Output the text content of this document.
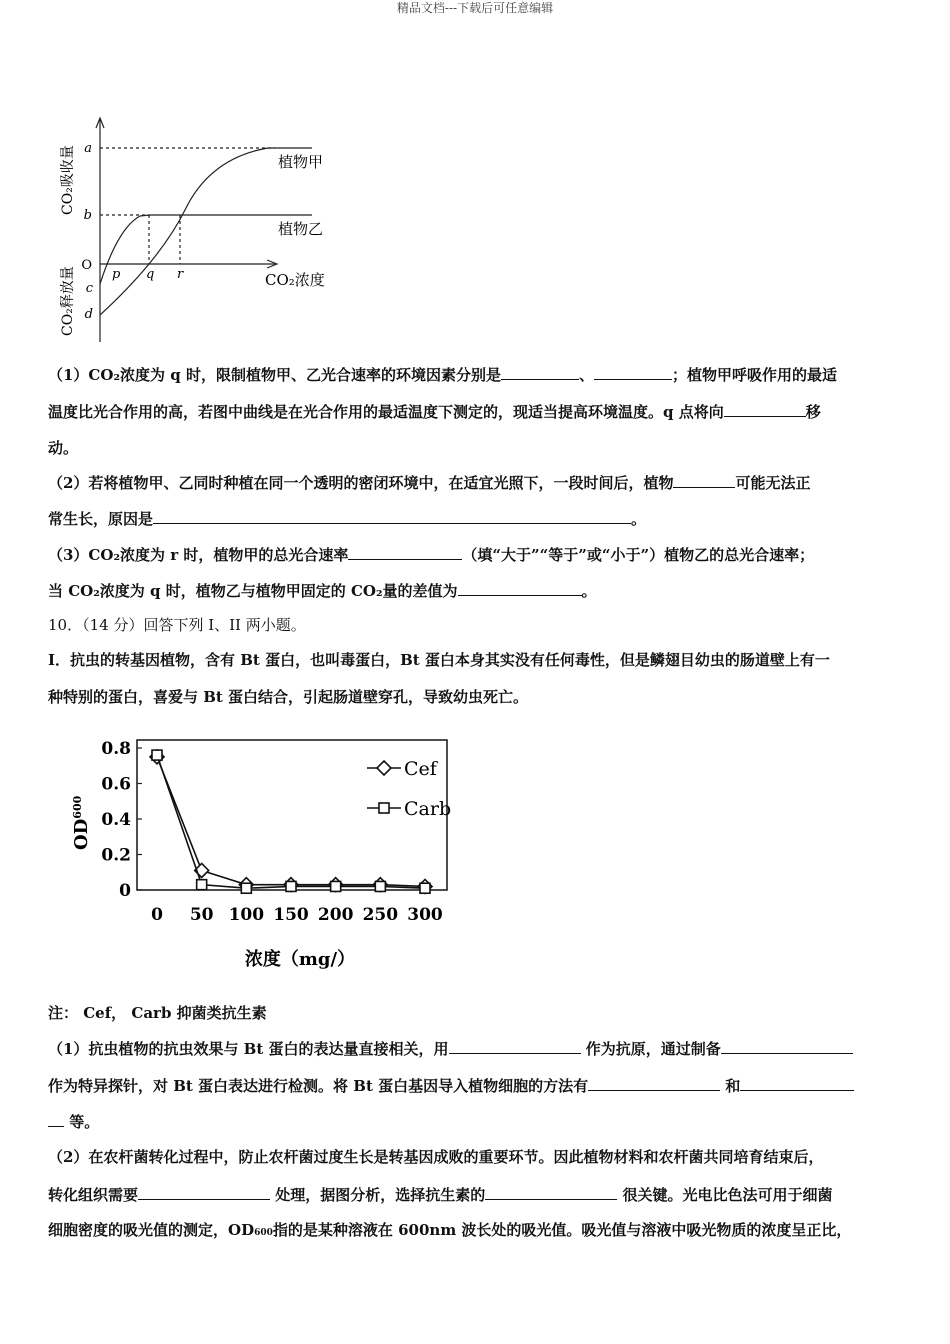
精品文档---下载后可任意编辑
a
b
O
c
d
p q r
植物甲
植物乙
CO₂浓度
CO₂吸收量
CO₂释放量
（1）CO₂浓度为 q 时，限制植物甲、乙光合速率的环境因素分别是	、	；植物甲呼吸作用的最适
温度比光合作用的高，若图中曲线是在光合作用的最适温度下测定的，现适当提高环境温度。q 点将向	移
动。
（2）若将植物甲、乙同时种植在同一个透明的密闭环境中，在适宜光照下，一段时间后，植物	可能无法正
常生长，原因是	。
（3）CO₂浓度为 r 时，植物甲的总光合速率	（填“大于”“等于”或“小于”）植物乙的总光合速率；
当 CO₂浓度为 q 时，植物乙与植物甲固定的 CO₂量的差值为	。
10．（14 分）回答下列 I、II 两小题。
I．抗虫的转基因植物，含有 Bt 蛋白，也叫毒蛋白，Bt 蛋白本身其实没有任何毒性，但是鳞翅目幼虫的肠道壁上有一
种特别的蛋白，喜爱与 Bt 蛋白结合，引起肠道壁穿孔，导致幼虫死亡。
0
0.2
0.4
0.6
0.8
0 50 100 150 200 250 300
Cef
Carb
OD$^{600}$
浓度（mg/）
注： Cef， Carb 抑菌类抗生素
（1）抗虫植物的抗虫效果与 Bt 蛋白的表达量直接相关，用	作为抗原，通过制备
作为特异探针，对 Bt 蛋白表达进行检测。将 Bt 蛋白基因导入植物细胞的方法有	和
等。
（2）在农杆菌转化过程中，防止农杆菌过度生长是转基因成败的重要环节。因此植物材料和农杆菌共同培育结束后，
转化组织需要	处理，据图分析，选择抗生素的	很关键。光电比色法可用于细菌
细胞密度的吸光值的测定，OD600指的是某种溶液在 600nm 波长处的吸光值。吸光值与溶液中吸光物质的浓度呈正比，
